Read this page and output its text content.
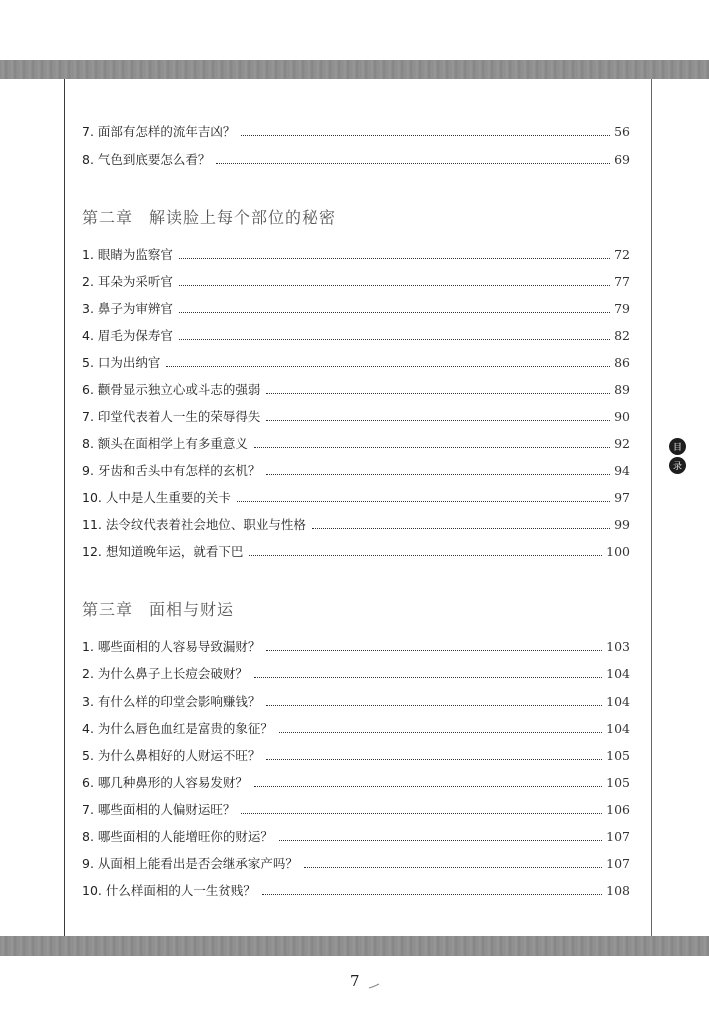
7. 面部有怎样的流年吉凶？	56
8. 气色到底要怎么看？	69
第二章 解读脸上每个部位的秘密
1. 眼睛为监察官	72
2. 耳朵为采听官	77
3. 鼻子为审辨官	79
4. 眉毛为保寿官	82
5. 口为出纳官	86
6. 颧骨显示独立心或斗志的强弱	89
7. 印堂代表着人一生的荣辱得失	90
8. 额头在面相学上有多重意义	92
9. 牙齿和舌头中有怎样的玄机？	94
10. 人中是人生重要的关卡	97
11. 法令纹代表着社会地位、职业与性格	99
12. 想知道晚年运，就看下巴	100
第三章 面相与财运
1. 哪些面相的人容易导致漏财？	103
2. 为什么鼻子上长痘会破财？	104
3. 有什么样的印堂会影响赚钱？	104
4. 为什么唇色血红是富贵的象征？	104
5. 为什么鼻相好的人财运不旺？	105
6. 哪几种鼻形的人容易发财？	105
7. 哪些面相的人偏财运旺？	106
8. 哪些面相的人能增旺你的财运？	107
9. 从面相上能看出是否会继承家产吗？	107
10. 什么样面相的人一生贫贱？	108
目
录
7
